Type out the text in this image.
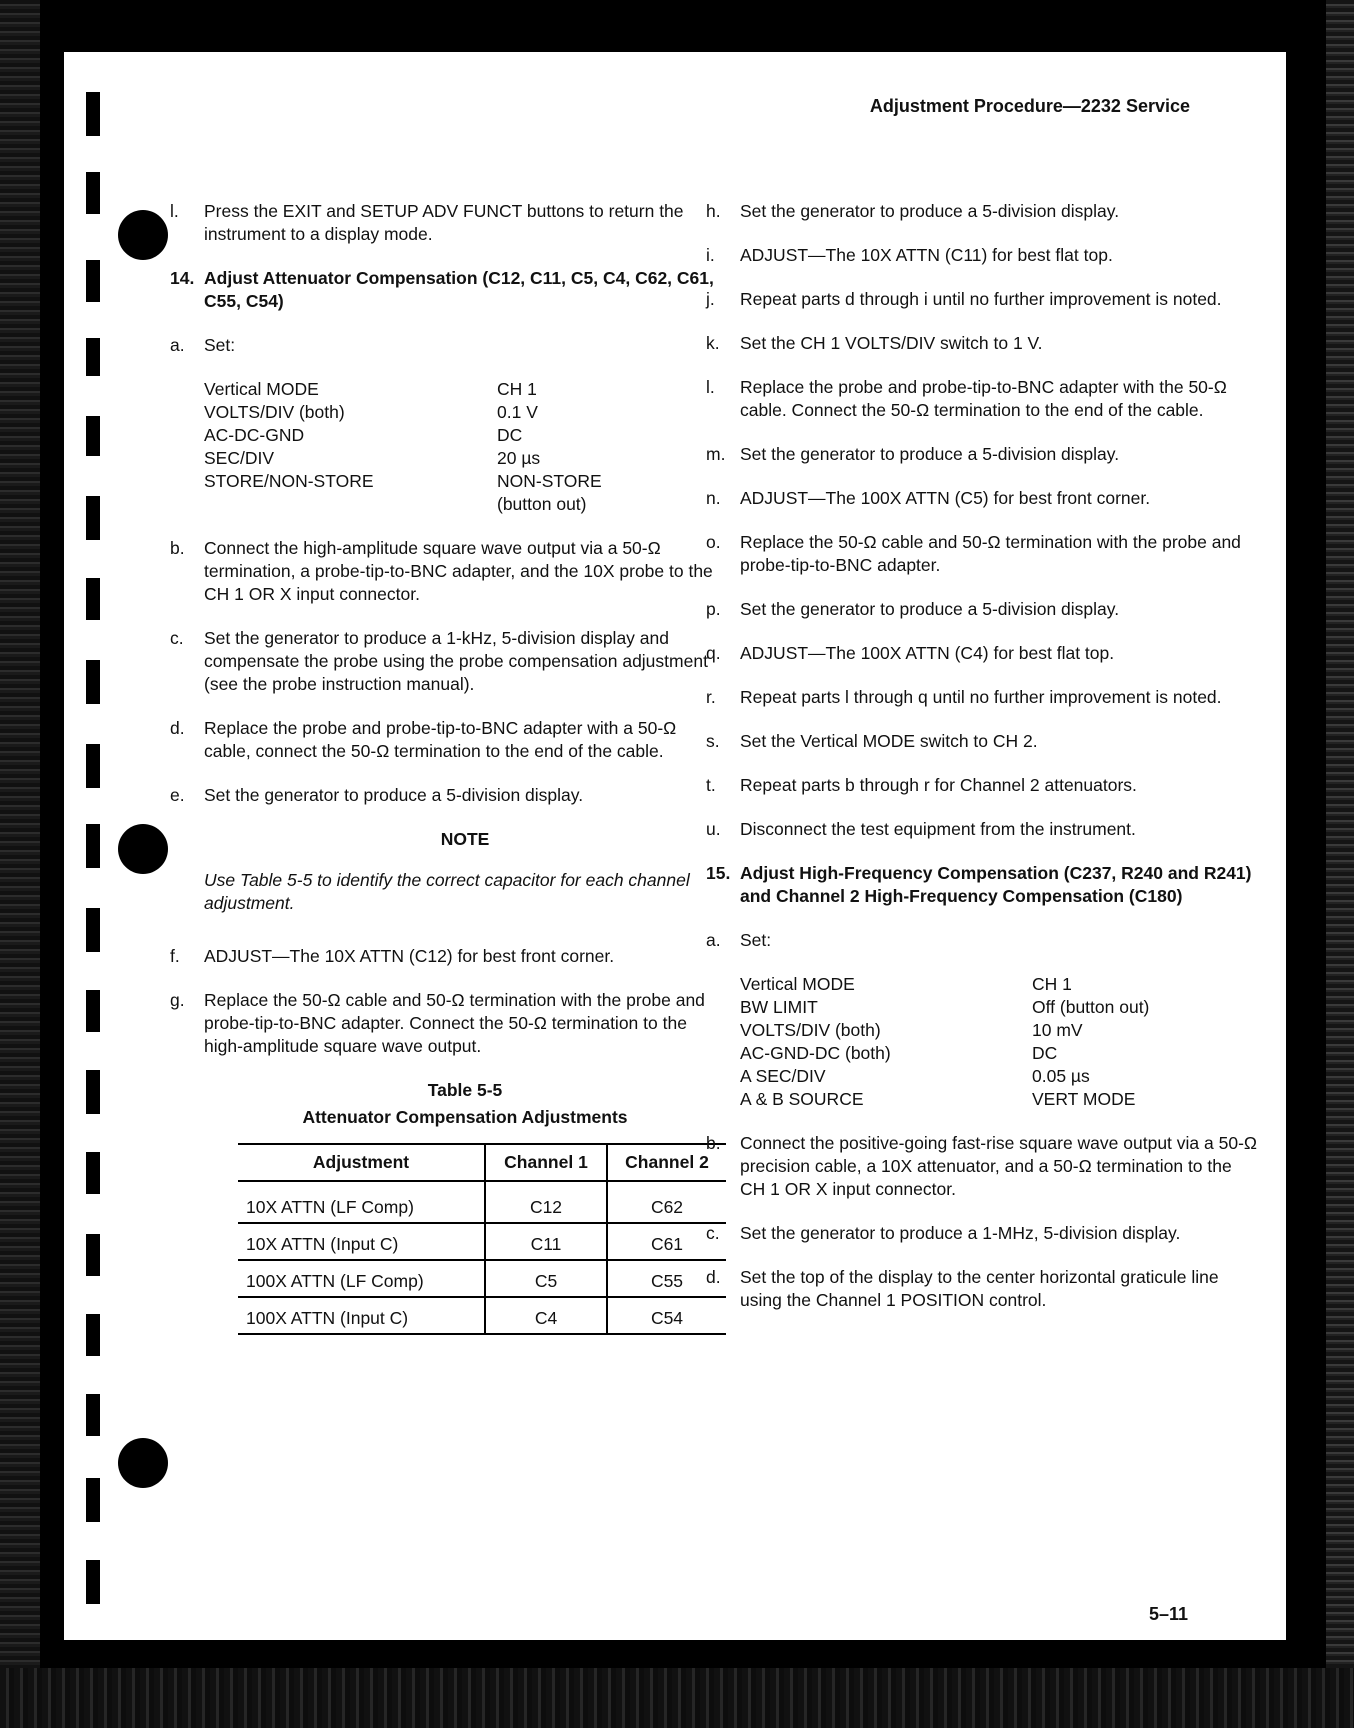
Adjustment Procedure—2232 Service
l.	Press the EXIT and SETUP ADV FUNCT buttons to return the instrument to a display mode.
14. Adjust Attenuator Compensation (C12, C11, C5, C4, C62, C61, C55, C54)
a.	Set:
Vertical MODE	CH 1
VOLTS/DIV (both)	0.1 V
AC-DC-GND	DC
SEC/DIV	20 µs
STORE/NON-STORE	NON-STORE
(button out)
b.	Connect the high-amplitude square wave output via a 50-Ω termination, a probe-tip-to-BNC adapter, and the 10X probe to the CH 1 OR X input connector.
c.	Set the generator to produce a 1-kHz, 5-division display and compensate the probe using the probe compensation adjustment (see the probe instruction manual).
d.	Replace the probe and probe-tip-to-BNC adapter with a 50-Ω cable, connect the 50-Ω termination to the end of the cable.
e.	Set the generator to produce a 5-division display.
NOTE
Use Table 5-5 to identify the correct capacitor for each channel adjustment.
f.	ADJUST—The 10X ATTN (C12) for best front corner.
g.	Replace the 50-Ω cable and 50-Ω termination with the probe and probe-tip-to-BNC adapter. Connect the 50-Ω termination to the high-amplitude square wave output.
Table 5-5
Attenuator Compensation Adjustments
Adjustment	Channel 1	Channel 2
10X ATTN (LF Comp)	C12	C62
10X ATTN (Input C)	C11	C61
100X ATTN (LF Comp)	C5	C55
100X ATTN (Input C)	C4	C54
h.	Set the generator to produce a 5-division display.
i.	ADJUST—The 10X ATTN (C11) for best flat top.
j.	Repeat parts d through i until no further improvement is noted.
k.	Set the CH 1 VOLTS/DIV switch to 1 V.
l.	Replace the probe and probe-tip-to-BNC adapter with the 50-Ω cable. Connect the 50-Ω termination to the end of the cable.
m. Set the generator to produce a 5-division display.
n.	ADJUST—The 100X ATTN (C5) for best front corner.
o.	Replace the 50-Ω cable and 50-Ω termination with the probe and probe-tip-to-BNC adapter.
p.	Set the generator to produce a 5-division display.
q.	ADJUST—The 100X ATTN (C4) for best flat top.
r.	Repeat parts l through q until no further improvement is noted.
s.	Set the Vertical MODE switch to CH 2.
t.	Repeat parts b through r for Channel 2 attenuators.
u.	Disconnect the test equipment from the instrument.
15. Adjust High-Frequency Compensation (C237, R240 and R241) and Channel 2 High-Frequency Compensation (C180)
a.	Set:
Vertical MODE	CH 1
BW LIMIT	Off (button out)
VOLTS/DIV (both)	10 mV
AC-GND-DC (both)	DC
A SEC/DIV	0.05 µs
A & B SOURCE	VERT MODE
b.	Connect the positive-going fast-rise square wave output via a 50-Ω precision cable, a 10X attenuator, and a 50-Ω termination to the CH 1 OR X input connector.
c.	Set the generator to produce a 1-MHz, 5-division display.
d.	Set the top of the display to the center horizontal graticule line using the Channel 1 POSITION control.
5–11
